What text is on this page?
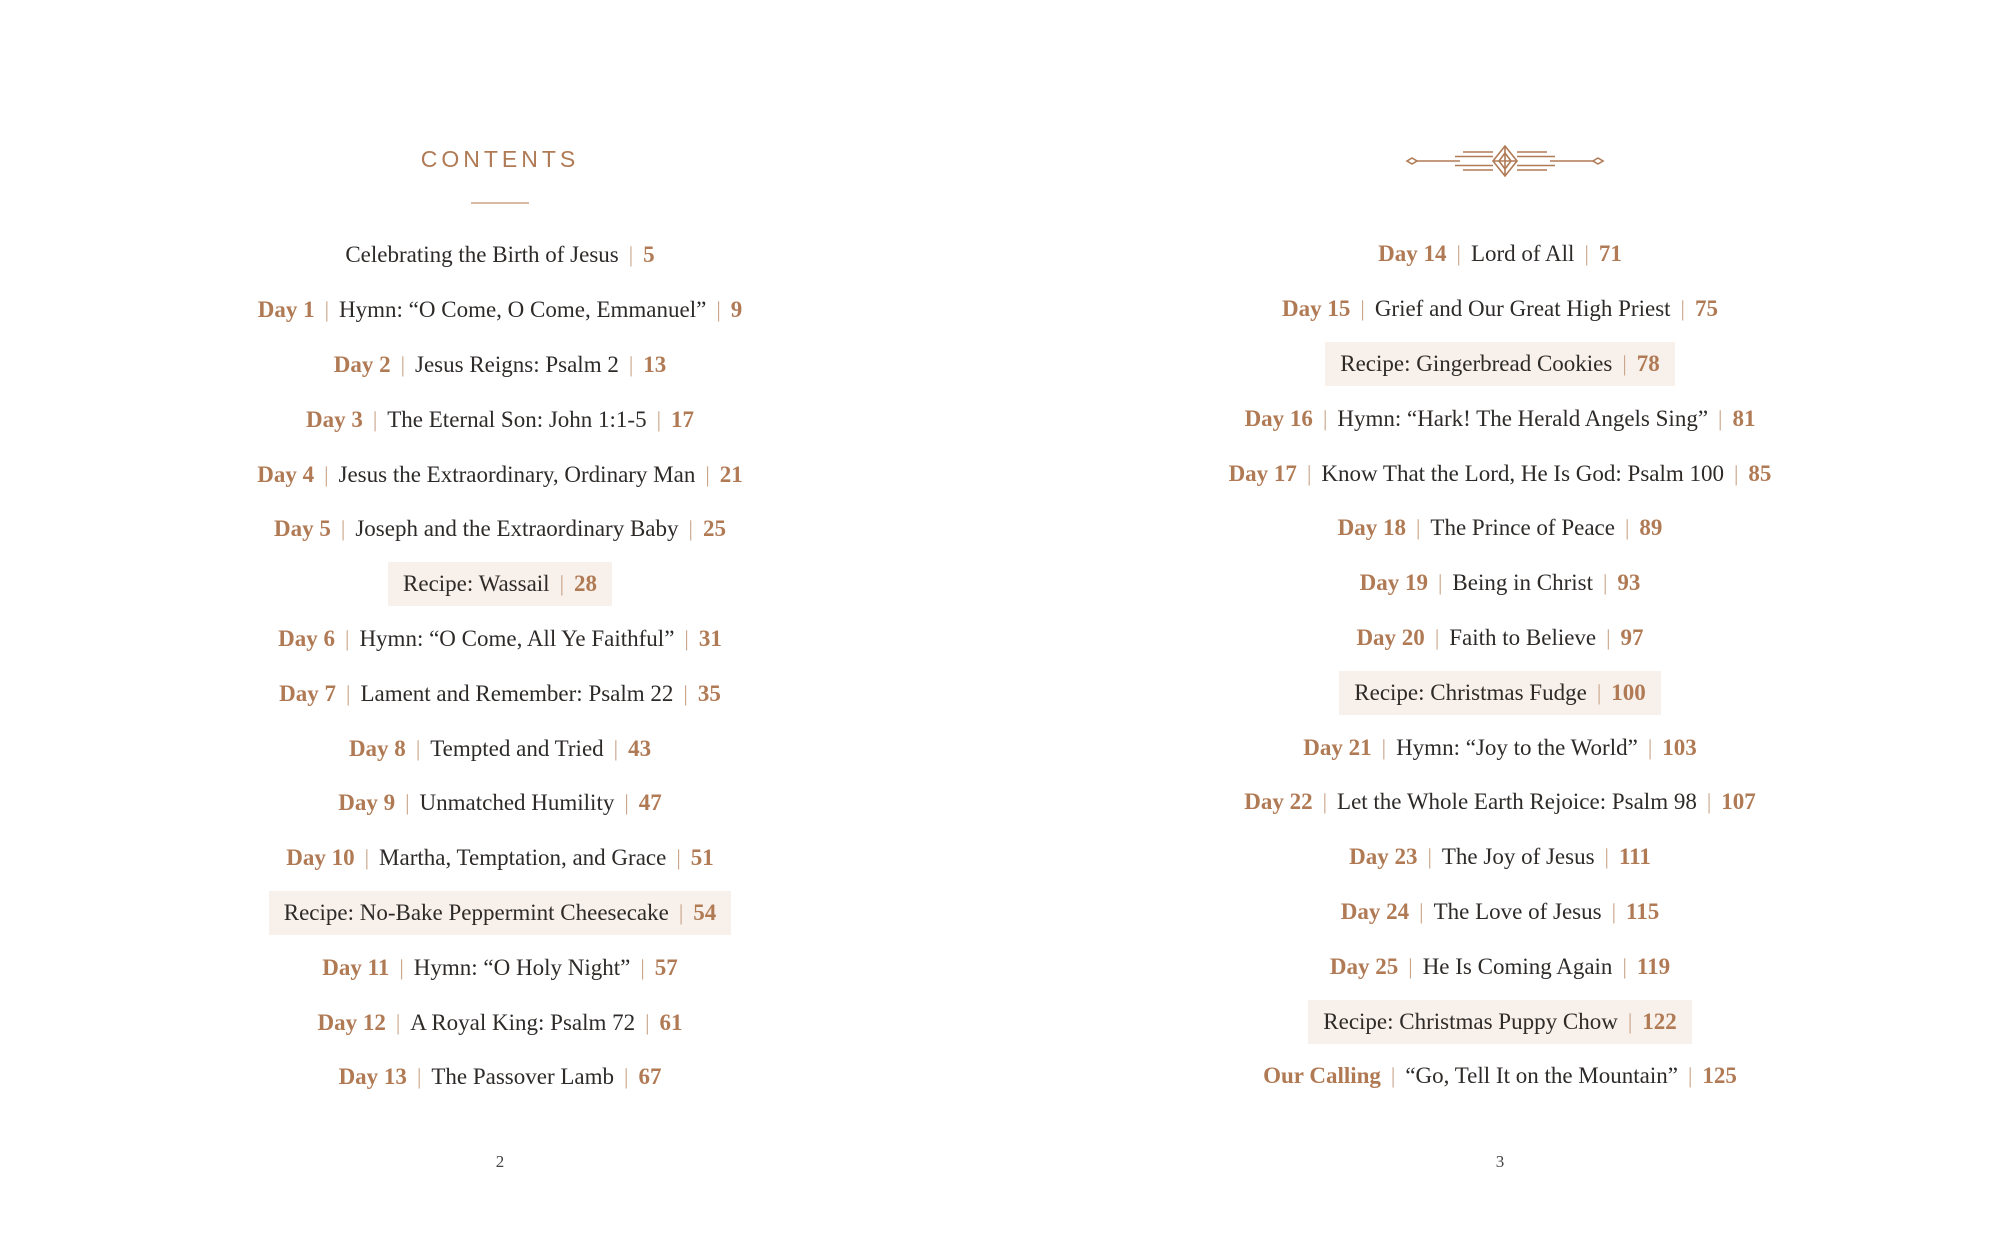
CONTENTS
Celebrating the Birth of Jesus | 5
Day 1 | Hymn: “O Come, O Come, Emmanuel” | 9
Day 2 | Jesus Reigns: Psalm 2 | 13
Day 3 | The Eternal Son: John 1:1-5 | 17
Day 4 | Jesus the Extraordinary, Ordinary Man | 21
Day 5 | Joseph and the Extraordinary Baby | 25
Recipe: Wassail | 28
Day 6 | Hymn: “O Come, All Ye Faithful” | 31
Day 7 | Lament and Remember: Psalm 22 | 35
Day 8 | Tempted and Tried | 43
Day 9 | Unmatched Humility | 47
Day 10 | Martha, Temptation, and Grace | 51
Recipe: No-Bake Peppermint Cheesecake | 54
Day 11 | Hymn: “O Holy Night” | 57
Day 12 | A Royal King: Psalm 72 | 61
Day 13 | The Passover Lamb | 67
2
Day 14 | Lord of All | 71
Day 15 | Grief and Our Great High Priest | 75
Recipe: Gingerbread Cookies | 78
Day 16 | Hymn: “Hark! The Herald Angels Sing” | 81
Day 17 | Know That the Lord, He Is God: Psalm 100 | 85
Day 18 | The Prince of Peace | 89
Day 19 | Being in Christ | 93
Day 20 | Faith to Believe | 97
Recipe: Christmas Fudge | 100
Day 21 | Hymn: “Joy to the World” | 103
Day 22 | Let the Whole Earth Rejoice: Psalm 98 | 107
Day 23 | The Joy of Jesus | 111
Day 24 | The Love of Jesus | 115
Day 25 | He Is Coming Again | 119
Recipe: Christmas Puppy Chow | 122
Our Calling | “Go, Tell It on the Mountain” | 125
3
